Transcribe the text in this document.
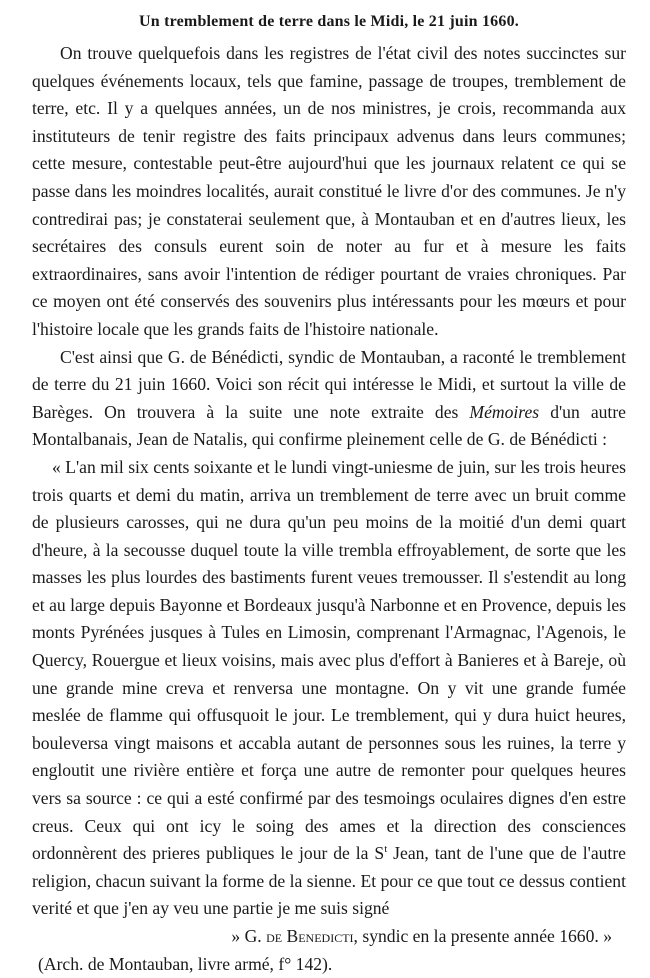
Un tremblement de terre dans le Midi, le 21 juin 1660.

On trouve quelquefois dans les registres de l'état civil des notes succinctes sur quelques événements locaux, tels que famine, passage de troupes, tremblement de terre, etc. Il y a quelques années, un de nos ministres, je crois, recommanda aux instituteurs de tenir registre des faits principaux advenus dans leurs communes; cette mesure, contestable peut-être aujourd'hui que les journaux relatent ce qui se passe dans les moindres localités, aurait constitué le livre d'or des communes. Je n'y contredirai pas; je constaterai seulement que, à Montauban et en d'autres lieux, les secrétaires des consuls eurent soin de noter au fur et à mesure les faits extraordinaires, sans avoir l'intention de rédiger pourtant de vraies chroniques. Par ce moyen ont été conservés des souvenirs plus intéressants pour les mœurs et pour l'histoire locale que les grands faits de l'histoire nationale.

C'est ainsi que G. de Bénédicti, syndic de Montauban, a raconté le tremblement de terre du 21 juin 1660. Voici son récit qui intéresse le Midi, et surtout la ville de Barèges. On trouvera à la suite une note extraite des Mémoires d'un autre Montalbanais, Jean de Natalis, qui confirme pleinement celle de G. de Bénédicti :

« L'an mil six cents soixante et le lundi vingt-uniesme de juin, sur les trois heures trois quarts et demi du matin, arriva un tremblement de terre avec un bruit comme de plusieurs carosses, qui ne dura qu'un peu moins de la moitié d'un demi quart d'heure, à la secousse duquel toute la ville trembla effroyablement, de sorte que les masses les plus lourdes des bastiments furent veues tremousser. Il s'estendit au long et au large depuis Bayonne et Bordeaux jusqu'à Narbonne et en Provence, depuis les monts Pyrénées jusques à Tules en Limosin, comprenant l'Armagnac, l'Agenois, le Quercy, Rouergue et lieux voisins, mais avec plus d'effort à Banieres et à Bareje, où une grande mine creva et renversa une montagne. On y vit une grande fumée meslée de flamme qui offusquoit le jour. Le tremblement, qui y dura huict heures, bouleversa vingt maisons et accabla autant de personnes sous les ruines, la terre y engloutit une rivière entière et força une autre de remonter pour quelques heures vers sa source : ce qui a esté confirmé par des tesmoings oculaires dignes d'en estre creus. Ceux qui ont icy le soing des ames et la direction des consciences ordonnèrent des prieres publiques le jour de la $S^t$ Jean, tant de l'une que de l'autre religion, chacun suivant la forme de la sienne. Et pour ce que tout ce dessus contient verité et que j'en ay veu une partie je me suis signé

» G. de Benedicti, syndic en la presente année 1660. »

(Arch. de Montauban, livre armé, f° 142).
